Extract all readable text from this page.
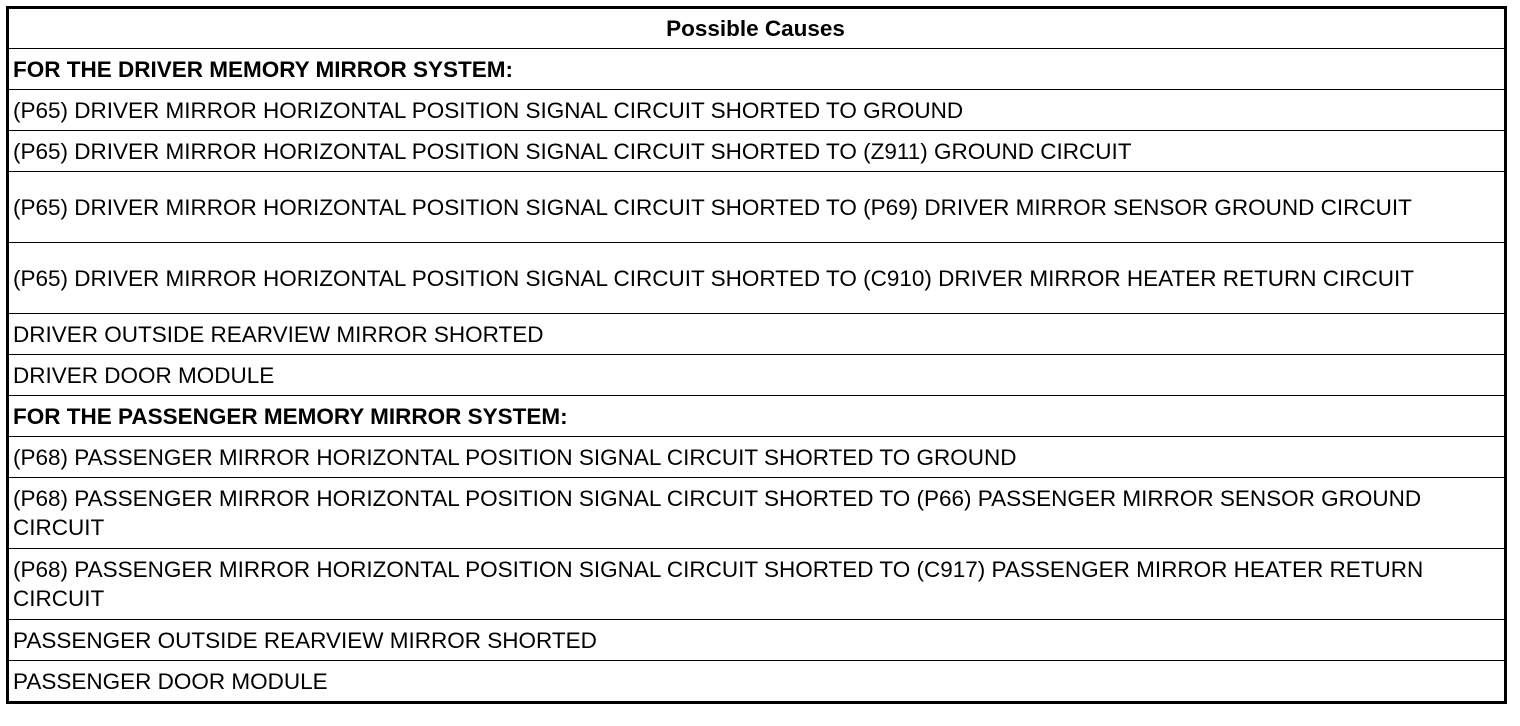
Possible Causes
FOR THE DRIVER MEMORY MIRROR SYSTEM:
(P65) DRIVER MIRROR HORIZONTAL POSITION SIGNAL CIRCUIT SHORTED TO GROUND
(P65) DRIVER MIRROR HORIZONTAL POSITION SIGNAL CIRCUIT SHORTED TO (Z911) GROUND CIRCUIT
(P65) DRIVER MIRROR HORIZONTAL POSITION SIGNAL CIRCUIT SHORTED TO (P69) DRIVER MIRROR SENSOR GROUND CIRCUIT
(P65) DRIVER MIRROR HORIZONTAL POSITION SIGNAL CIRCUIT SHORTED TO (C910) DRIVER MIRROR HEATER RETURN CIRCUIT
DRIVER OUTSIDE REARVIEW MIRROR SHORTED
DRIVER DOOR MODULE
FOR THE PASSENGER MEMORY MIRROR SYSTEM:
(P68) PASSENGER MIRROR HORIZONTAL POSITION SIGNAL CIRCUIT SHORTED TO GROUND
(P68) PASSENGER MIRROR HORIZONTAL POSITION SIGNAL CIRCUIT SHORTED TO (P66) PASSENGER MIRROR SENSOR GROUND CIRCUIT
(P68) PASSENGER MIRROR HORIZONTAL POSITION SIGNAL CIRCUIT SHORTED TO (C917) PASSENGER MIRROR HEATER RETURN CIRCUIT
PASSENGER OUTSIDE REARVIEW MIRROR SHORTED
PASSENGER DOOR MODULE
